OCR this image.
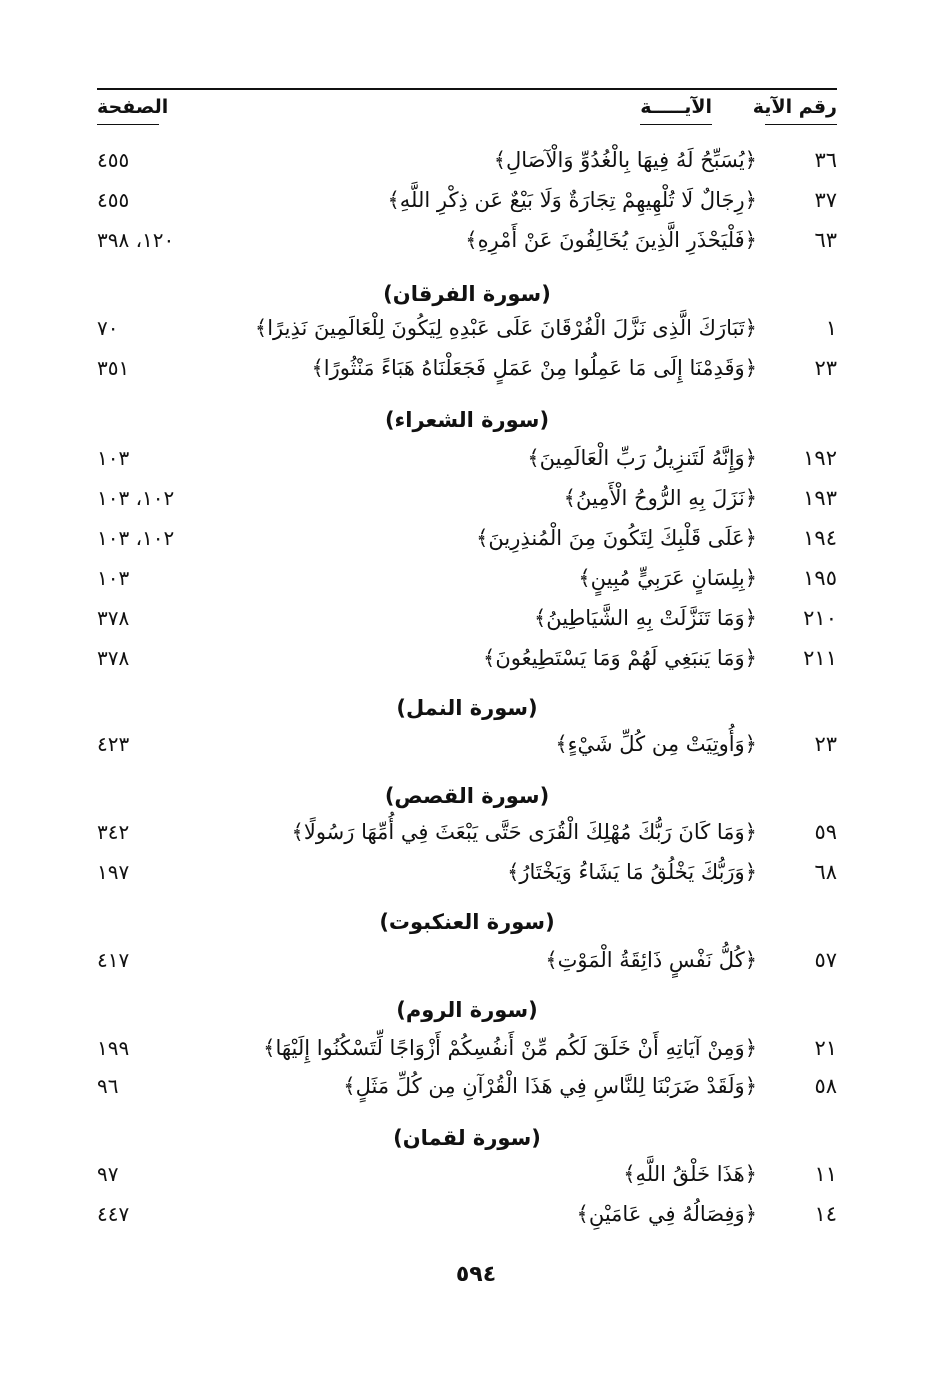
رقم الآية
الآيـــــة
الصفحة
٣٦
﴿يُسَبِّحُ لَهُ فِيهَا بِالْغُدُوِّ وَالْآصَالِ﴾
٤٥٥
٣٧
﴿رِجَالٌ لَا تُلْهِيهِمْ تِجَارَةٌ وَلَا بَيْعٌ عَن ذِكْرِ اللَّهِ﴾
٤٥٥
٦٣
﴿فَلْيَحْذَرِ الَّذِينَ يُخَالِفُونَ عَنْ أَمْرِهِ﴾
١٢٠، ٣٩٨
(سورة الفرقان)
١
﴿تَبَارَكَ الَّذِى نَزَّلَ الْفُرْقَانَ عَلَى عَبْدِهِ لِيَكُونَ لِلْعَالَمِينَ نَذِيرًا﴾
٧٠
٢٣
﴿وَقَدِمْنَا إِلَى مَا عَمِلُوا مِنْ عَمَلٍ فَجَعَلْنَاهُ هَبَاءً مَنْثُورًا﴾
٣٥١
(سورة الشعراء)
١٩٢
﴿وَإِنَّهُ لَتَنزِيلُ رَبِّ الْعَالَمِينَ﴾
١٠٣
١٩٣
﴿نَزَلَ بِهِ الرُّوحُ الْأَمِينُ﴾
١٠٢، ١٠٣
١٩٤
﴿عَلَى قَلْبِكَ لِتَكُونَ مِنَ الْمُنذِرِينَ﴾
١٠٢، ١٠٣
١٩٥
﴿بِلِسَانٍ عَرَبِيٍّ مُبِينٍ﴾
١٠٣
٢١٠
﴿وَمَا تَنَزَّلَتْ بِهِ الشَّيَاطِينُ﴾
٣٧٨
٢١١
﴿وَمَا يَنبَغِي لَهُمْ وَمَا يَسْتَطِيعُونَ﴾
٣٧٨
(سورة النمل)
٢٣
﴿وَأُوتِيَتْ مِن كُلِّ شَيْءٍ﴾
٤٢٣
(سورة القصص)
٥٩
﴿وَمَا كَانَ رَبُّكَ مُهْلِكَ الْقُرَى حَتَّى يَبْعَثَ فِي أُمِّهَا رَسُولًا﴾
٣٤٢
٦٨
﴿وَرَبُّكَ يَخْلُقُ مَا يَشَاءُ وَيَخْتَارُ﴾
١٩٧
(سورة العنكبوت)
٥٧
﴿كُلُّ نَفْسٍ ذَائِقَةُ الْمَوْتِ﴾
٤١٧
(سورة الروم)
٢١
﴿وَمِنْ آيَاتِهِ أَنْ خَلَقَ لَكُم مِّنْ أَنفُسِكُمْ أَزْوَاجًا لِّتَسْكُنُوا إِلَيْهَا﴾
١٩٩
٥٨
﴿وَلَقَدْ ضَرَبْنَا لِلنَّاسِ فِي هَذَا الْقُرْآنِ مِن كُلِّ مَثَلٍ﴾
٩٦
(سورة لقمان)
١١
﴿هَذَا خَلْقُ اللَّهِ﴾
٩٧
١٤
﴿وَفِصَالُهُ فِي عَامَيْنِ﴾
٤٤٧
٥٩٤
